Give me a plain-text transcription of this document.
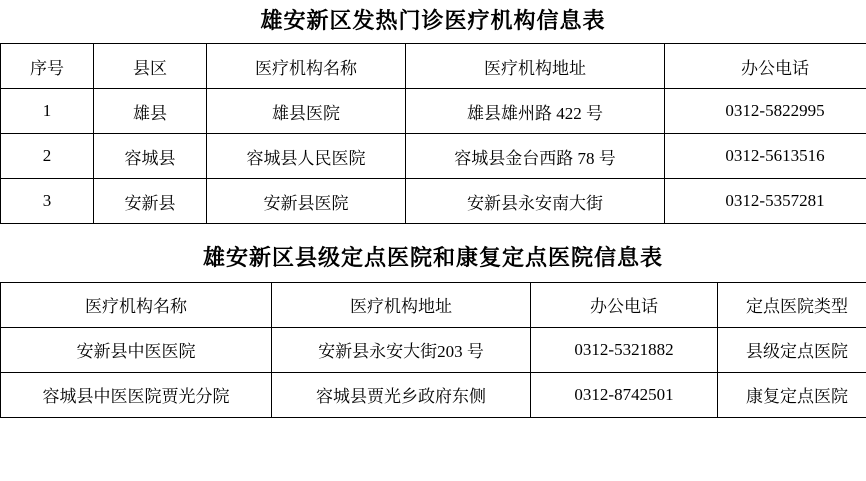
雄安新区发热门诊医疗机构信息表
序号	县区	医疗机构名称	医疗机构地址	办公电话
1	雄县	雄县医院	雄县雄州路 422 号	0312-5822995
2	容城县	容城县人民医院	容城县金台西路 78 号	0312-5613516
3	安新县	安新县医院	安新县永安南大街	0312-5357281
雄安新区县级定点医院和康复定点医院信息表
医疗机构名称	医疗机构地址	办公电话	定点医院类型
安新县中医医院	安新县永安大街203 号	0312-5321882	县级定点医院
容城县中医医院贾光分院	容城县贾光乡政府东侧	0312-8742501	康复定点医院
